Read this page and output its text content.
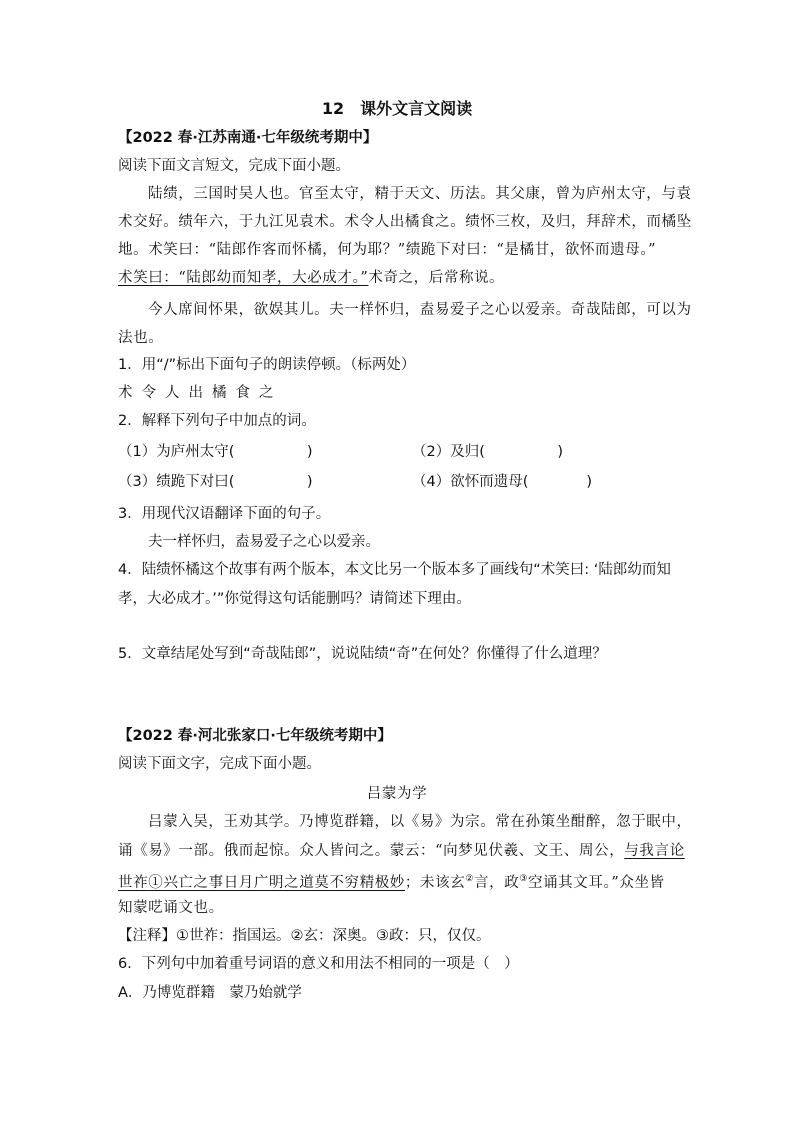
12　课外文言文阅读
【2022 春·江苏南通·七年级统考期中】
阅读下面文言短文，完成下面小题。
陆绩，三国时吴人也。官至太守，精于天文、历法。其父康，曾为庐州太守，与袁
术交好。绩年六，于九江见袁术。术令人出橘食之。绩怀三枚，及归，拜辞术，而橘坠
地。术笑曰：“陆郎作客而怀橘，何为耶？”绩跪下对曰：“是橘甘，欲怀而遗母。”
术笑曰：“陆郎幼而知孝，大必成才。”术奇之，后常称说。
今人席间怀果，欲娱其儿。夫一样怀归，盍易爱子之心以爱亲。奇哉陆郎，可以为
法也。
1．用“/”标出下面句子的朗读停顿。（标两处）
术令人出橘食之
2．解释下列句子中加点的词。
（1）为庐州太守(　　　　　)	（2）及归(　　　　　)
（3）绩跪下对曰(　　　　　)	（4）欲怀而遗母(　　　　)
3．用现代汉语翻译下面的句子。
夫一样怀归，盍易爱子之心以爱亲。
4．陆绩怀橘这个故事有两个版本，本文比另一个版本多了画线句“术笑曰: ‘陆郎幼而知
孝，大必成才。’”你觉得这句话能删吗？请简述下理由。
5．文章结尾处写到“奇哉陆郎”，说说陆绩“奇”在何处？你懂得了什么道理？
【2022 春·河北张家口·七年级统考期中】
阅读下面文字，完成下面小题。
吕蒙为学
吕蒙入吴，王劝其学。乃博览群籍，以《易》为宗。常在孙策坐酣醉，忽于眠中，
诵《易》一部。俄而起惊。众人皆问之。蒙云：“向梦见伏羲、文王、周公，与我言论
世祚①兴亡之事日月广明之道莫不穷精极妙；未该玄②言，政③空诵其文耳。”众坐皆
知蒙呓诵文也。
【注释】①世祚：指国运。②玄：深奥。③政：只，仅仅。
6．下列句中加着重号词语的意义和用法不相同的一项是（　）
A．乃博览群籍　蒙乃始就学
